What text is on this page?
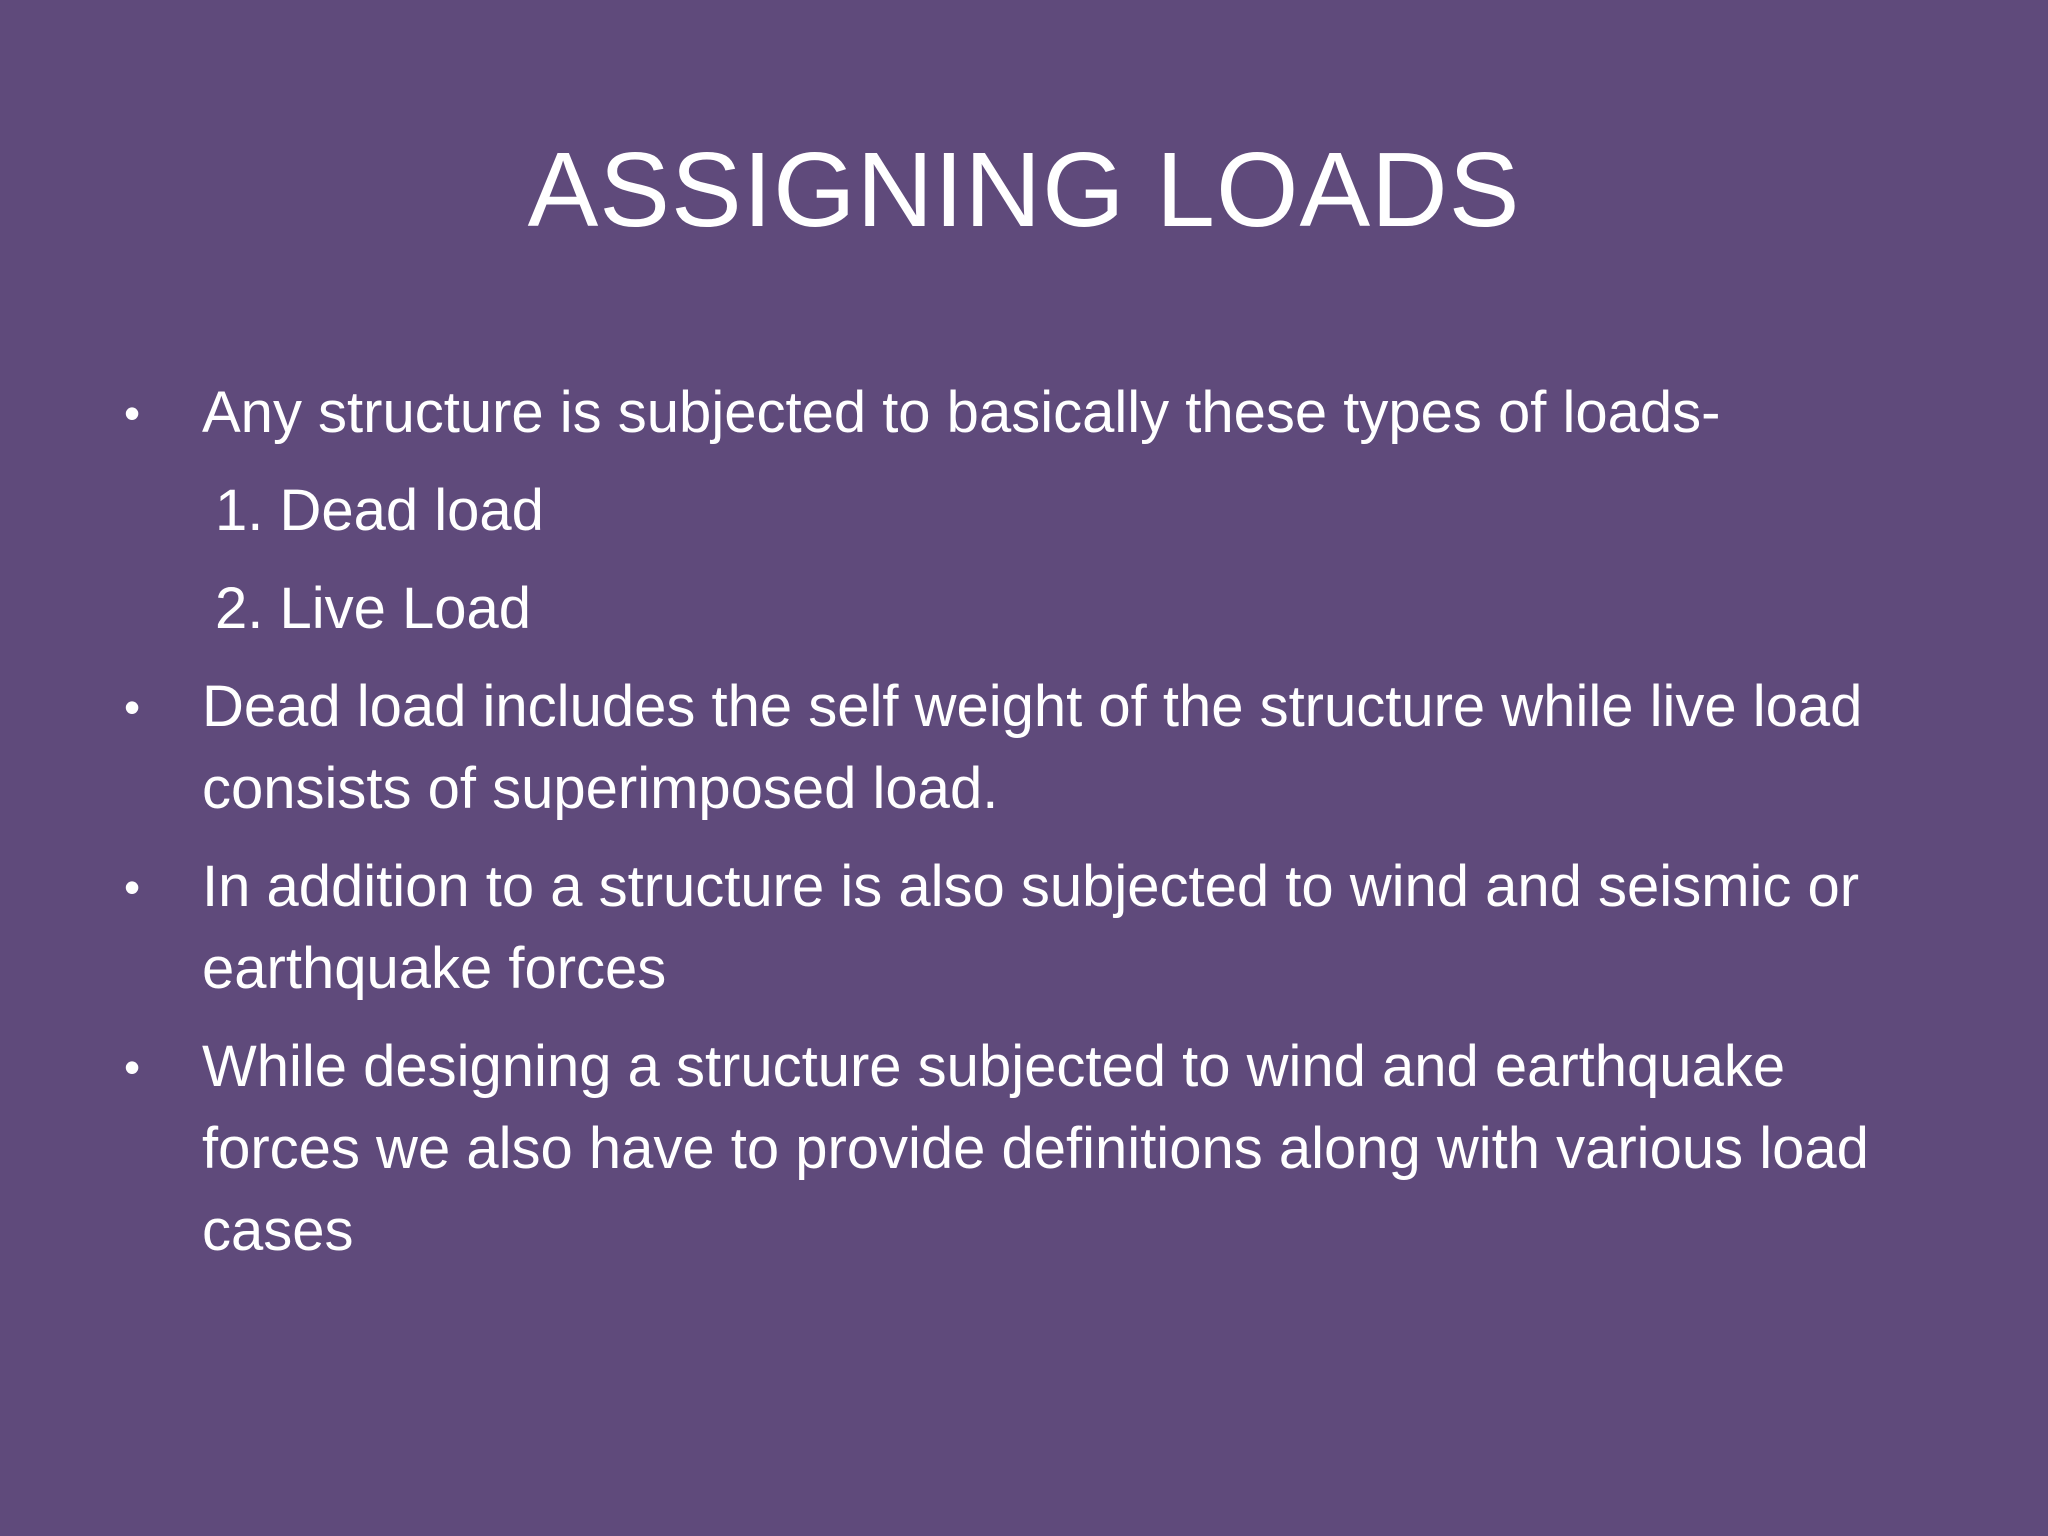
ASSIGNING LOADS
• Any structure is subjected to basically these types of loads-
1. Dead load
2. Live Load
• Dead load includes the self weight of the structure while live load consists of superimposed load.
• In addition to a structure is also subjected to wind and seismic or earthquake forces
• While designing a structure subjected to wind and earthquake forces we also have to provide definitions along with various load cases
